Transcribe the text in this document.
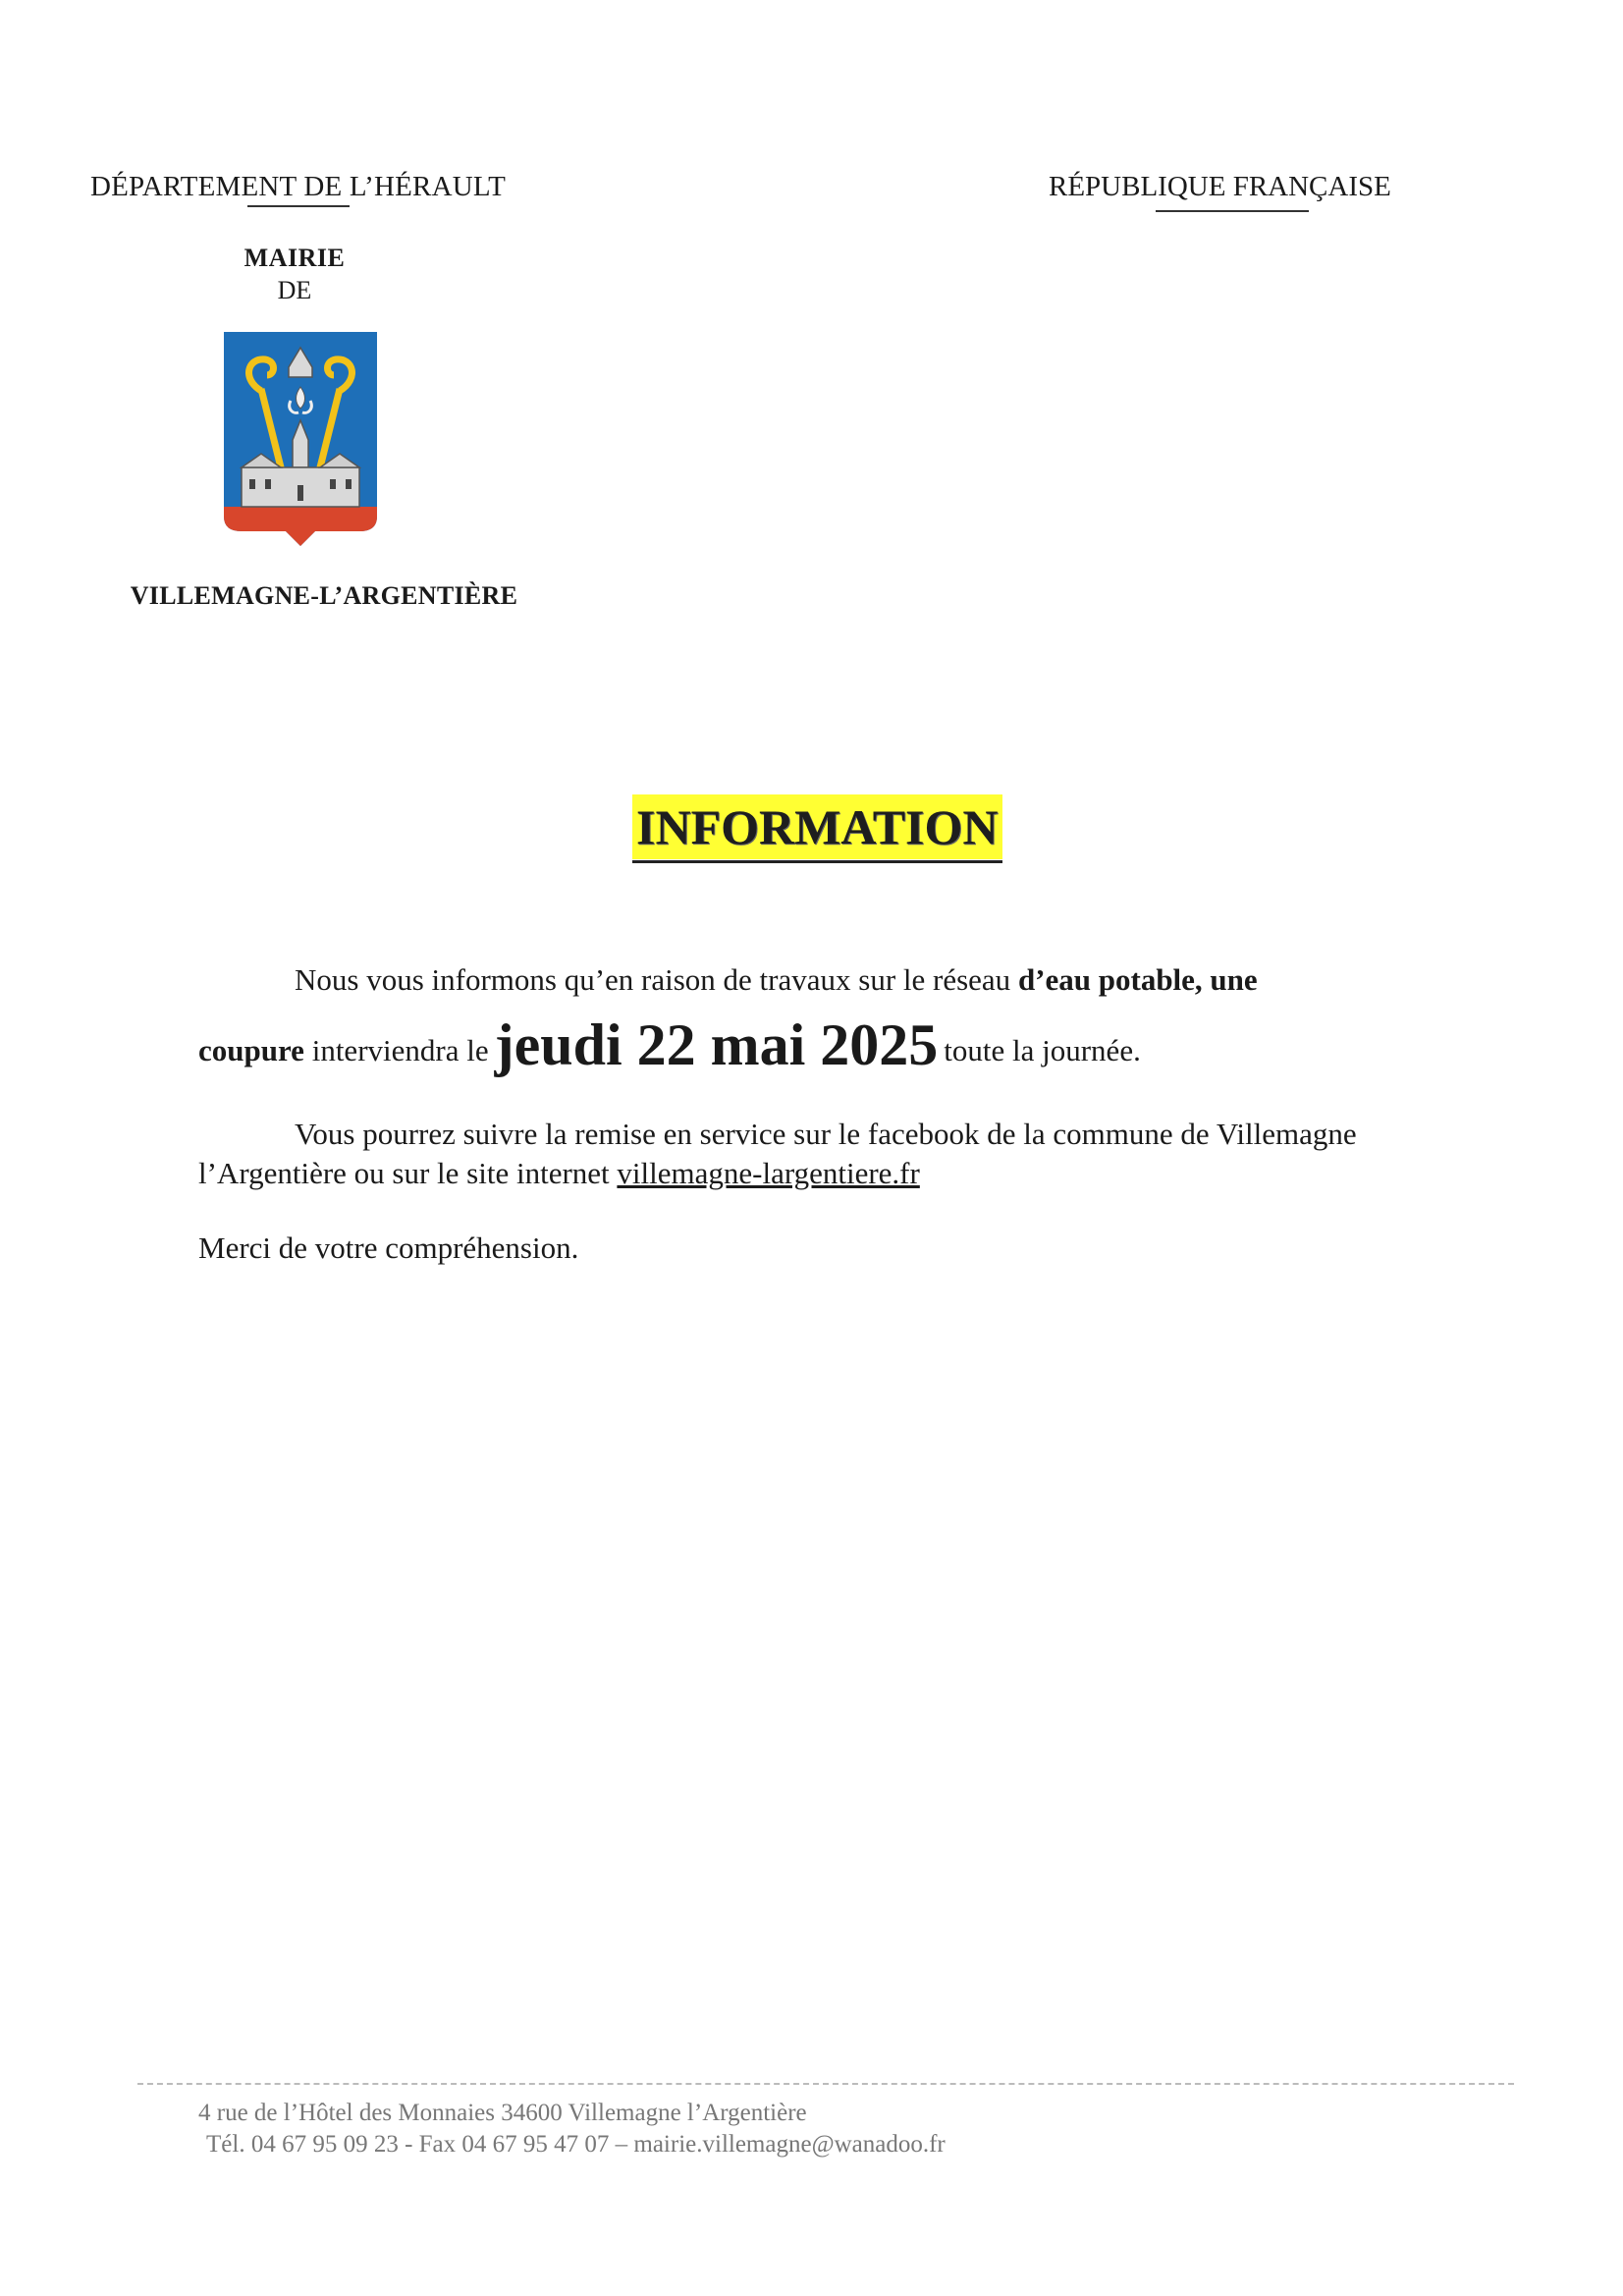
DÉPARTEMENT DE L’HÉRAULT	RÉPUBLIQUE FRANÇAISE
MAIRIE
DE
VILLEMAGNE-L’ARGENTIÈRE
INFORMATION
Nous vous informons qu’en raison de travaux sur le réseau d’eau potable, une
coupure interviendra le jeudi 22 mai 2025 toute la journée.
Vous pourrez suivre la remise en service sur le facebook de la commune de Villemagne
l’Argentière ou sur le site internet villemagne-largentiere.fr
Merci de votre compréhension.
4 rue de l’Hôtel des Monnaies 34600 Villemagne l’Argentière
Tél. 04 67 95 09 23 - Fax 04 67 95 47 07 – mairie.villemagne@wanadoo.fr
